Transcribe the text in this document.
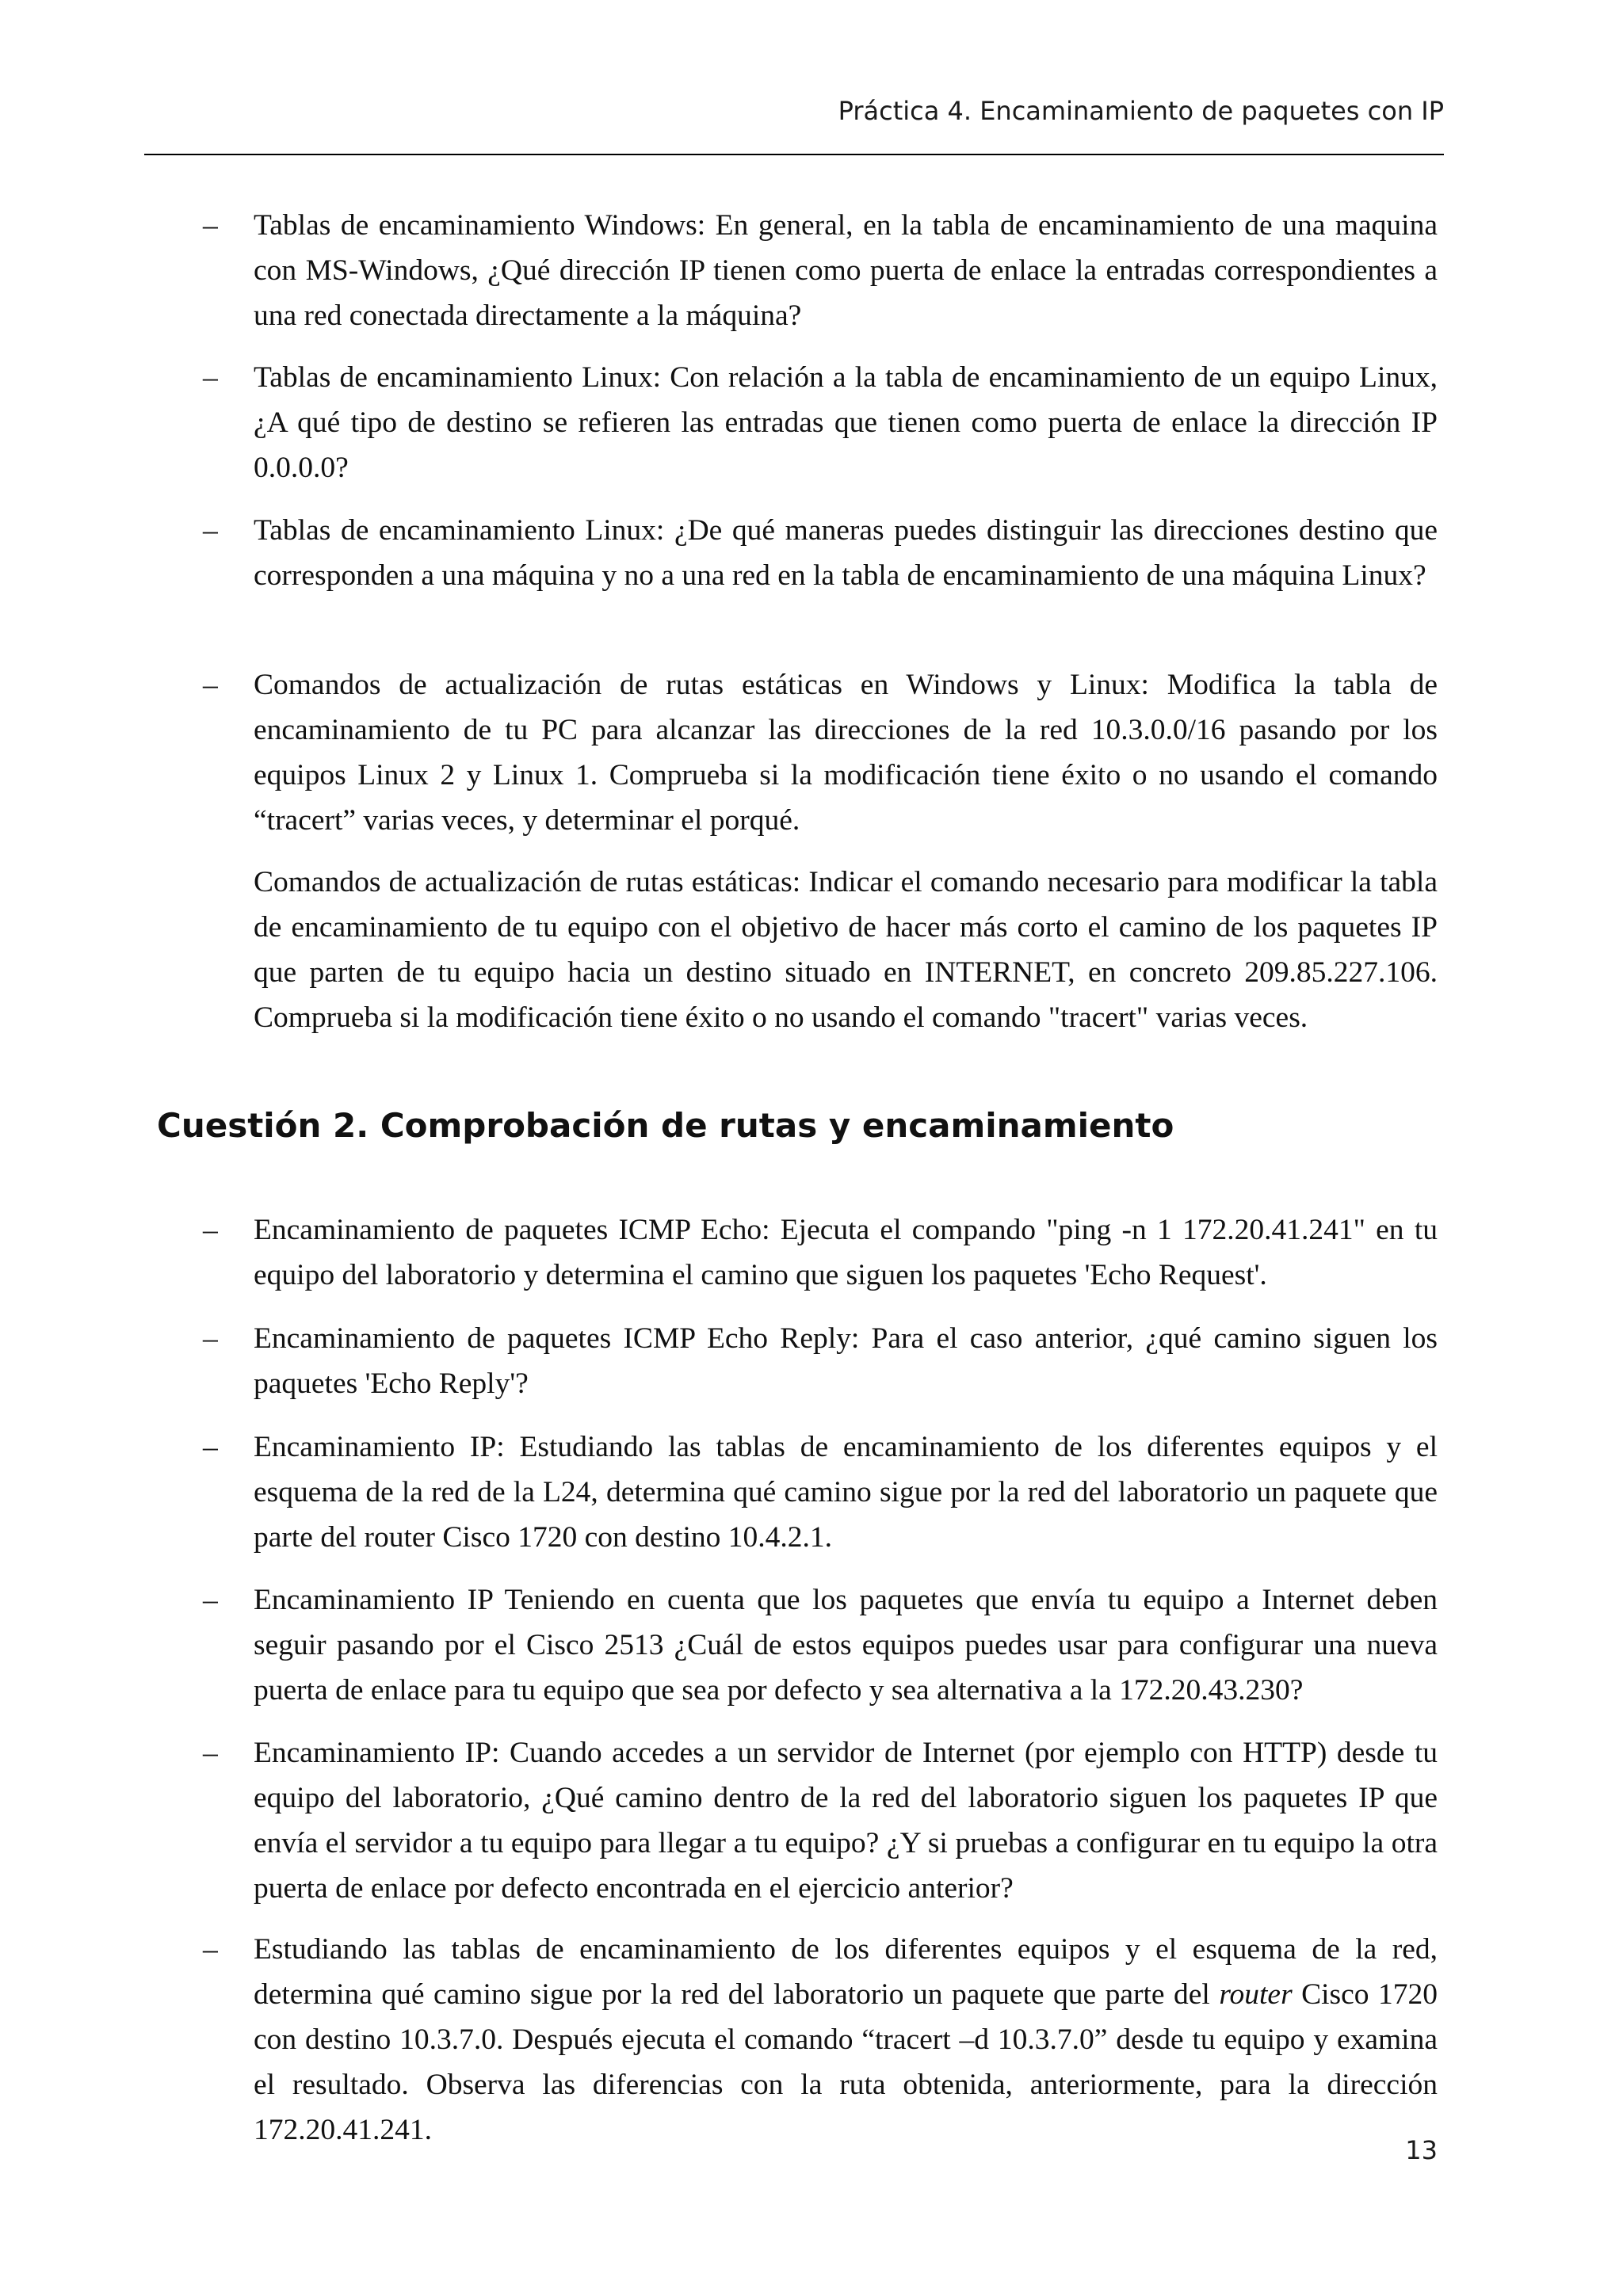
Práctica 4. Encaminamiento de paquetes con IP
– Tablas de encaminamiento Windows: En general, en la tabla de encaminamiento de una maquina con MS-Windows, ¿Qué dirección IP tienen como puerta de enlace la entradas correspondientes a una red conectada directamente a la máquina?
– Tablas de encaminamiento Linux: Con relación a la tabla de encaminamiento de un equipo Linux, ¿A qué tipo de destino se refieren las entradas que tienen como puerta de enlace la dirección IP 0.0.0.0?
– Tablas de encaminamiento Linux: ¿De qué maneras puedes distinguir las direcciones destino que corresponden a una máquina y no a una red en la tabla de encaminamiento de una máquina Linux?
– Comandos de actualización de rutas estáticas en Windows y Linux: Modifica la tabla de encaminamiento de tu PC para alcanzar las direcciones de la red 10.3.0.0/16 pasando por los equipos Linux 2 y Linux 1. Comprueba si la modificación tiene éxito o no usando el comando “tracert” varias veces, y determinar el porqué.
Comandos de actualización de rutas estáticas: Indicar el comando necesario para modificar la tabla de encaminamiento de tu equipo con el objetivo de hacer más corto el camino de los paquetes IP que parten de tu equipo hacia un destino situado en INTERNET, en concreto 209.85.227.106. Comprueba si la modificación tiene éxito o no usando el comando "tracert" varias veces.
Cuestión 2. Comprobación de rutas y encaminamiento
– Encaminamiento de paquetes ICMP Echo: Ejecuta el compando "ping -n 1 172.20.41.241" en tu equipo del laboratorio y determina el camino que siguen los paquetes 'Echo Request'.
– Encaminamiento de paquetes ICMP Echo Reply: Para el caso anterior, ¿qué camino siguen los paquetes 'Echo Reply'?
– Encaminamiento IP: Estudiando las tablas de encaminamiento de los diferentes equipos y el esquema de la red de la L24, determina qué camino sigue por la red del laboratorio un paquete que parte del router Cisco 1720 con destino 10.4.2.1.
– Encaminamiento IP Teniendo en cuenta que los paquetes que envía tu equipo a Internet deben seguir pasando por el Cisco 2513 ¿Cuál de estos equipos puedes usar para configurar una nueva puerta de enlace para tu equipo que sea por defecto y sea alternativa a la 172.20.43.230?
– Encaminamiento IP: Cuando accedes a un servidor de Internet (por ejemplo con HTTP) desde tu equipo del laboratorio, ¿Qué camino dentro de la red del laboratorio siguen los paquetes IP que envía el servidor a tu equipo para llegar a tu equipo? ¿Y si pruebas a configurar en tu equipo la otra puerta de enlace por defecto encontrada en el ejercicio anterior?
– Estudiando las tablas de encaminamiento de los diferentes equipos y el esquema de la red, determina qué camino sigue por la red del laboratorio un paquete que parte del router Cisco 1720 con destino 10.3.7.0. Después ejecuta el comando “tracert –d 10.3.7.0” desde tu equipo y examina el resultado. Observa las diferencias con la ruta obtenida, anteriormente, para la dirección 172.20.41.241.
13
